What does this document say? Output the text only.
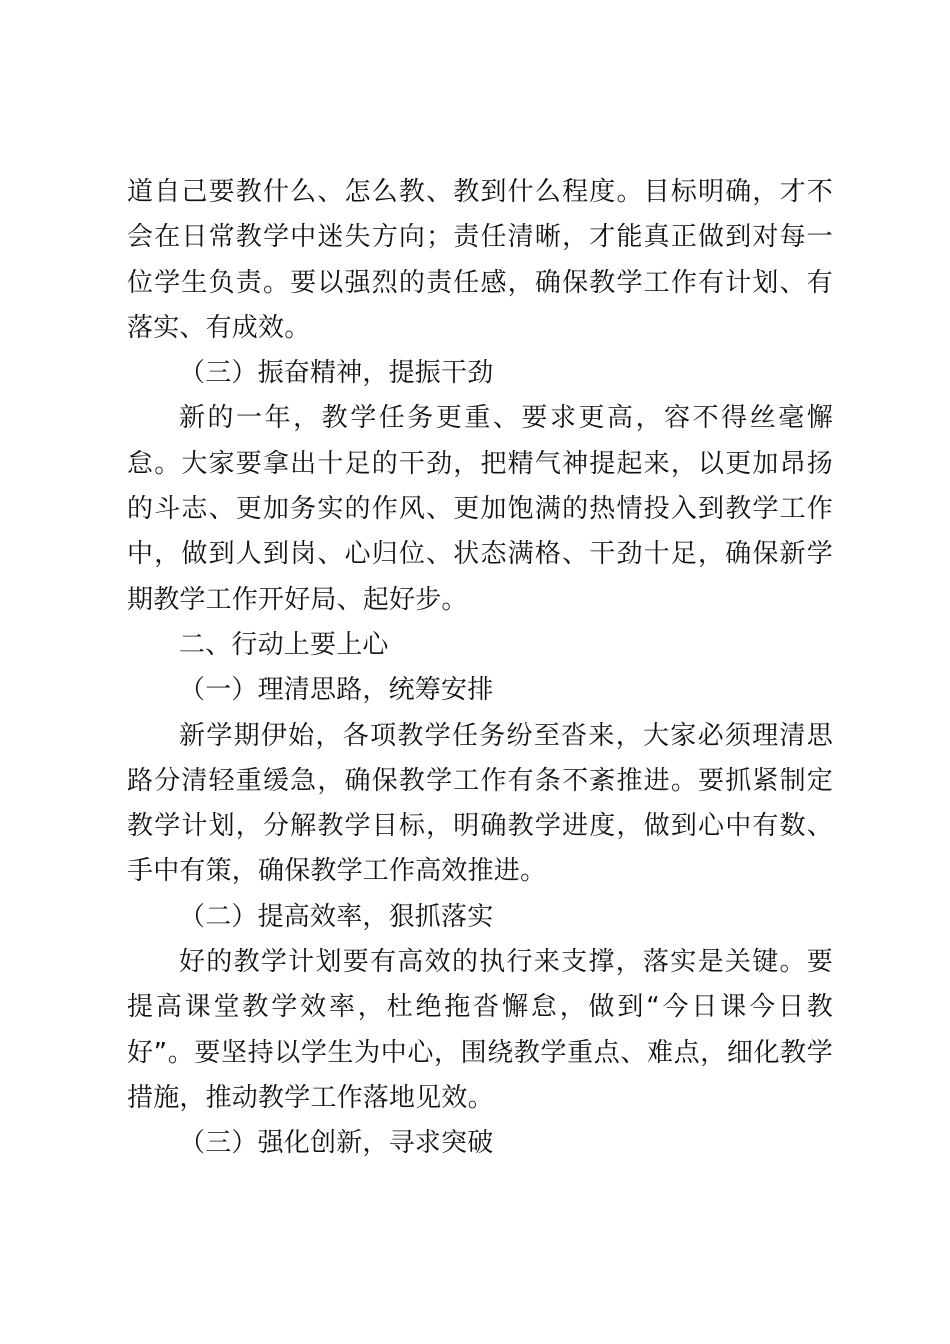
道自己要教什么、怎么教、教到什么程度。目标明确，才不会在日常教学中迷失方向；责任清晰，才能真正做到对每一位学生负责。要以强烈的责任感，确保教学工作有计划、有落实、有成效。

（三）振奋精神，提振干劲

新的一年，教学任务更重、要求更高，容不得丝毫懈怠。大家要拿出十足的干劲，把精气神提起来，以更加昂扬的斗志、更加务实的作风、更加饱满的热情投入到教学工作中，做到人到岗、心归位、状态满格、干劲十足，确保新学期教学工作开好局、起好步。

二、行动上要上心

（一）理清思路，统筹安排

新学期伊始，各项教学任务纷至沓来，大家必须理清思路分清轻重缓急，确保教学工作有条不紊推进。要抓紧制定教学计划，分解教学目标，明确教学进度，做到心中有数、手中有策，确保教学工作高效推进。

（二）提高效率，狠抓落实

好的教学计划要有高效的执行来支撑，落实是关键。要提高课堂教学效率，杜绝拖沓懈怠，做到“今日课今日教好”。要坚持以学生为中心，围绕教学重点、难点，细化教学措施，推动教学工作落地见效。

（三）强化创新，寻求突破
